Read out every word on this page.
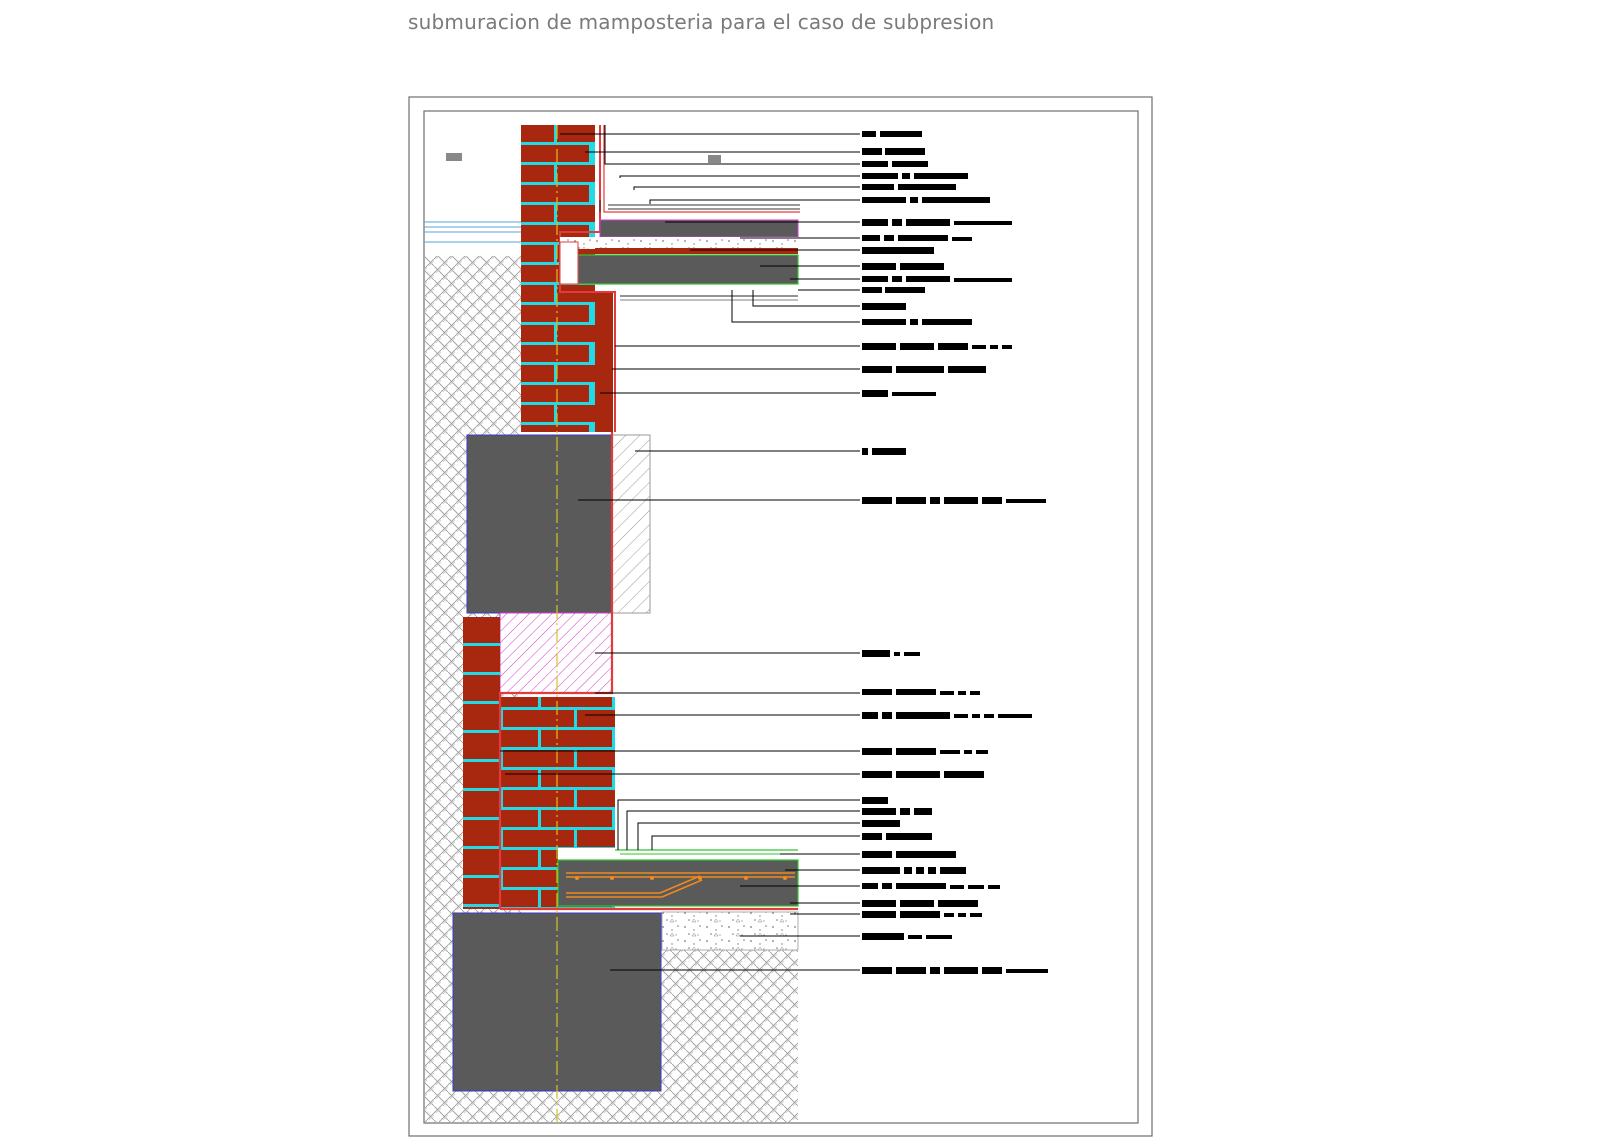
submuracion de mamposteria para el caso de subpresion
